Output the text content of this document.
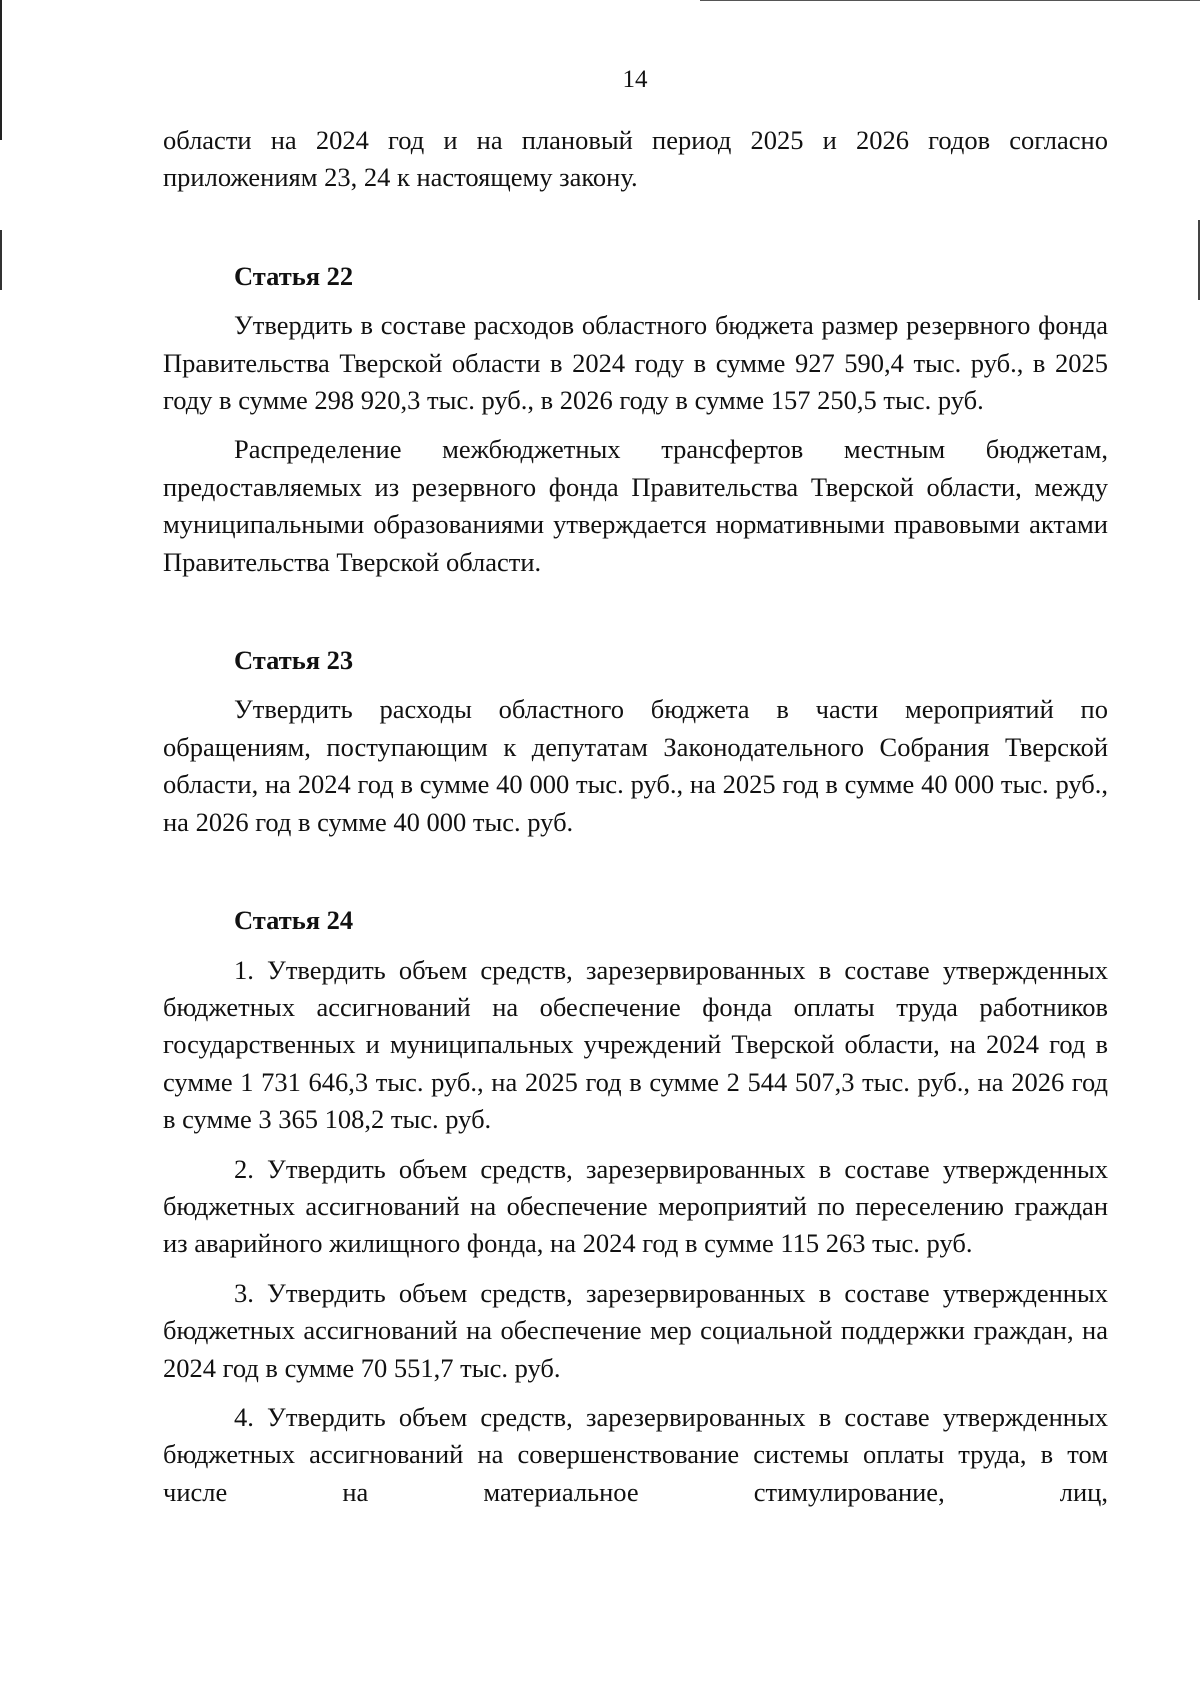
14

области на 2024 год и на плановый период 2025 и 2026 годов согласно приложениям 23, 24 к настоящему закону.

Статья 22

Утвердить в составе расходов областного бюджета размер резервного фонда Правительства Тверской области в 2024 году в сумме 927 590,4 тыс. руб., в 2025 году в сумме 298 920,3 тыс. руб., в 2026 году в сумме 157 250,5 тыс. руб.

Распределение межбюджетных трансфертов местным бюджетам, предоставляемых из резервного фонда Правительства Тверской области, между муниципальными образованиями утверждается нормативными правовыми актами Правительства Тверской области.

Статья 23

Утвердить расходы областного бюджета в части мероприятий по обращениям, поступающим к депутатам Законодательного Собрания Тверской области, на 2024 год в сумме 40 000 тыс. руб., на 2025 год в сумме 40 000 тыс. руб., на 2026 год в сумме 40 000 тыс. руб.

Статья 24

1. Утвердить объем средств, зарезервированных в составе утвержденных бюджетных ассигнований на обеспечение фонда оплаты труда работников государственных и муниципальных учреждений Тверской области, на 2024 год в сумме 1 731 646,3 тыс. руб., на 2025 год в сумме 2 544 507,3 тыс. руб., на 2026 год в сумме 3 365 108,2 тыс. руб.

2. Утвердить объем средств, зарезервированных в составе утвержденных бюджетных ассигнований на обеспечение мероприятий по переселению граждан из аварийного жилищного фонда, на 2024 год в сумме 115 263 тыс. руб.

3. Утвердить объем средств, зарезервированных в составе утвержденных бюджетных ассигнований на обеспечение мер социальной поддержки граждан, на 2024 год в сумме 70 551,7 тыс. руб.

4. Утвердить объем средств, зарезервированных в составе утвержденных бюджетных ассигнований на совершенствование системы оплаты труда, в том числе на материальное стимулирование, лиц,
